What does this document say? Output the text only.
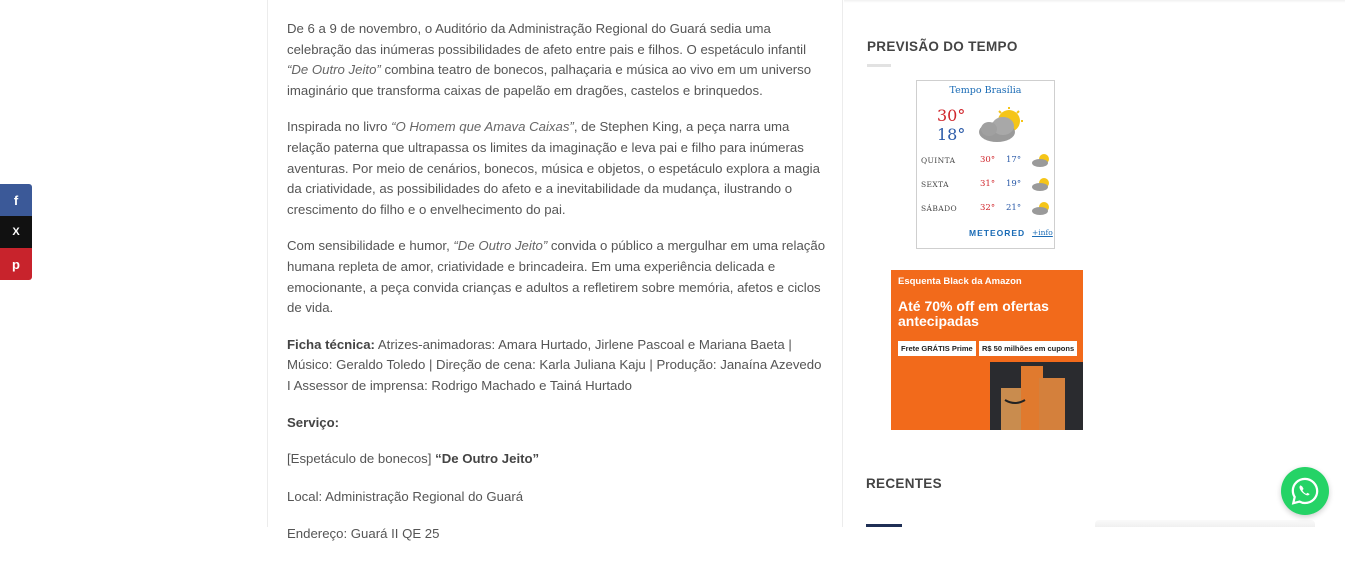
f
X
p

De 6 a 9 de novembro, o Auditório da Administração Regional do Guará sedia uma celebração das inúmeras possibilidades de afeto entre pais e filhos. O espetáculo infantil “De Outro Jeito” combina teatro de bonecos, palhaçaria e música ao vivo em um universo imaginário que transforma caixas de papelão em dragões, castelos e brinquedos.

Inspirada no livro “O Homem que Amava Caixas”, de Stephen King, a peça narra uma relação paterna que ultrapassa os limites da imaginação e leva pai e filho para inúmeras aventuras. Por meio de cenários, bonecos, música e objetos, o espetáculo explora a magia da criatividade, as possibilidades do afeto e a inevitabilidade da mudança, ilustrando o crescimento do filho e o envelhecimento do pai.

Com sensibilidade e humor, “De Outro Jeito” convida o público a mergulhar em uma relação humana repleta de amor, criatividade e brincadeira. Em uma experiência delicada e emocionante, a peça convida crianças e adultos a refletirem sobre memória, afetos e ciclos de vida.

Ficha técnica: Atrizes-animadoras: Amara Hurtado, Jirlene Pascoal e Mariana Baeta | Músico: Geraldo Toledo | Direção de cena: Karla Juliana Kaju | Produção: Janaína Azevedo I Assessor de imprensa: Rodrigo Machado e Tainá Hurtado

Serviço:

[Espetáculo de bonecos] “De Outro Jeito”

Local: Administração Regional do Guará

Endereço: Guará II QE 25

PREVISÃO DO TEMPO
Tempo Brasília
30°
18°
QUINTA	30° 17°
SEXTA	31° 19°
SÁBADO	32° 21°
METEORED +info
Esquenta Black da Amazon
Até 70% off em ofertas antecipadas
Frete GRÁTIS Prime	R$ 50 milhões em cupons
RECENTES
